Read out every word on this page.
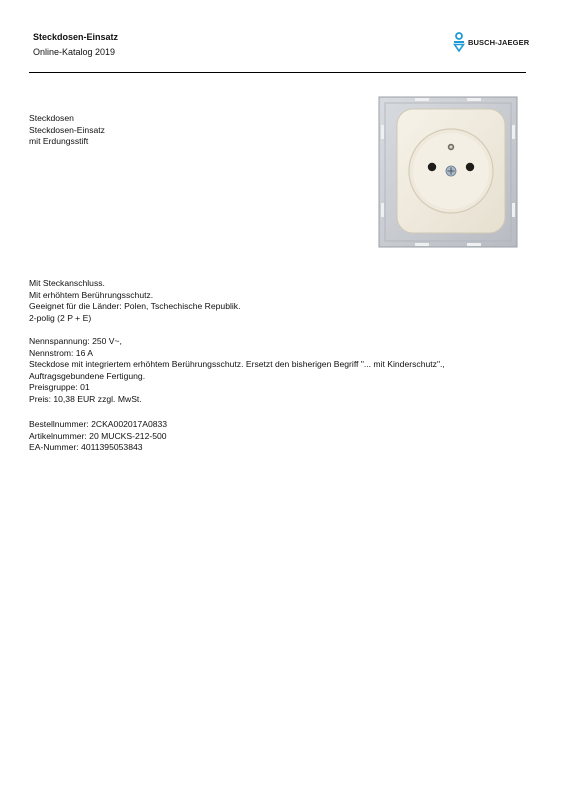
Steckdosen-Einsatz
Online-Katalog 2019
BUSCH-JAEGER
Steckdosen
Steckdosen-Einsatz
mit Erdungsstift
Mit Steckanschluss.
Mit erhöhtem Berührungsschutz.
Geeignet für die Länder: Polen, Tschechische Republik.
2-polig (2 P + E)
Nennspannung: 250 V~,
Nennstrom: 16 A
Steckdose mit integriertem erhöhtem Berührungsschutz. Ersetzt den bisherigen Begriff "... mit Kinderschutz".,
Auftragsgebundene Fertigung.
Preisgruppe: 01
Preis: 10,38 EUR zzgl. MwSt.
Bestellnummer: 2CKA002017A0833
Artikelnummer: 20 MUCKS-212-500
EA-Nummer: 4011395053843
